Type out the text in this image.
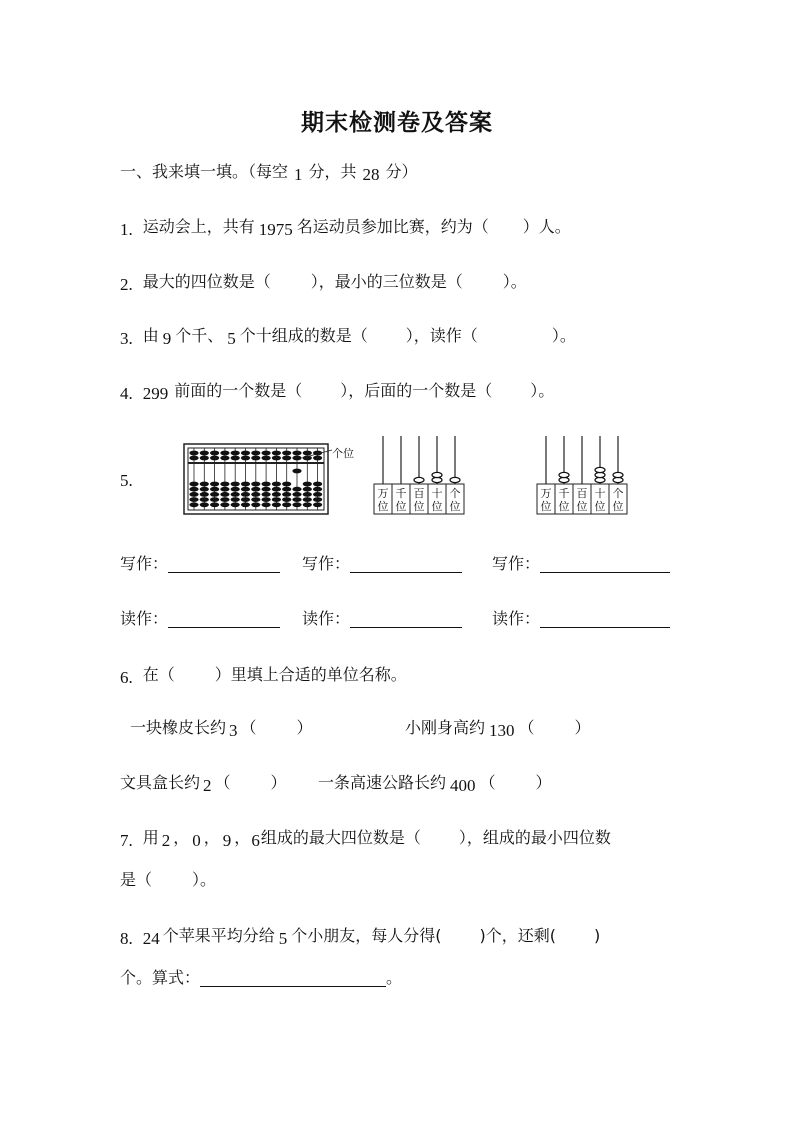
期末检测卷及答案
一、我来填一填。（每空 1 分，共 28 分）
1. 运动会上，共有 1975 名运动员参加比赛，约为（ ）人。
2. 最大的四位数是（	），最小的三位数是（	）。
3. 由 9 个千、 5 个十组成的数是（ ），读作（	）。
4. 299 前面的一个数是（ ），后面的一个数是（ ）。
5.
个位
万
位
千
位
百
位
十
位
个
位
万
位
千
位
百
位
十
位
个
位
写作：	写作：	写作：
读作：	读作：	读作：
6. 在（	）里填上合适的单位名称。
一块橡皮长约 3 （	）	小刚身高约 130 （	）
文具盒长约 2 （	） 一条高速公路长约 400 （	）
7. 用 2 ， 0 ， 9 ，6组成的最大四位数是（ ），组成的最小四位数
是（	）。
8. 24 个苹果平均分给 5 个小朋友，每人分得( )个，还剩( )
个。算式：	。
